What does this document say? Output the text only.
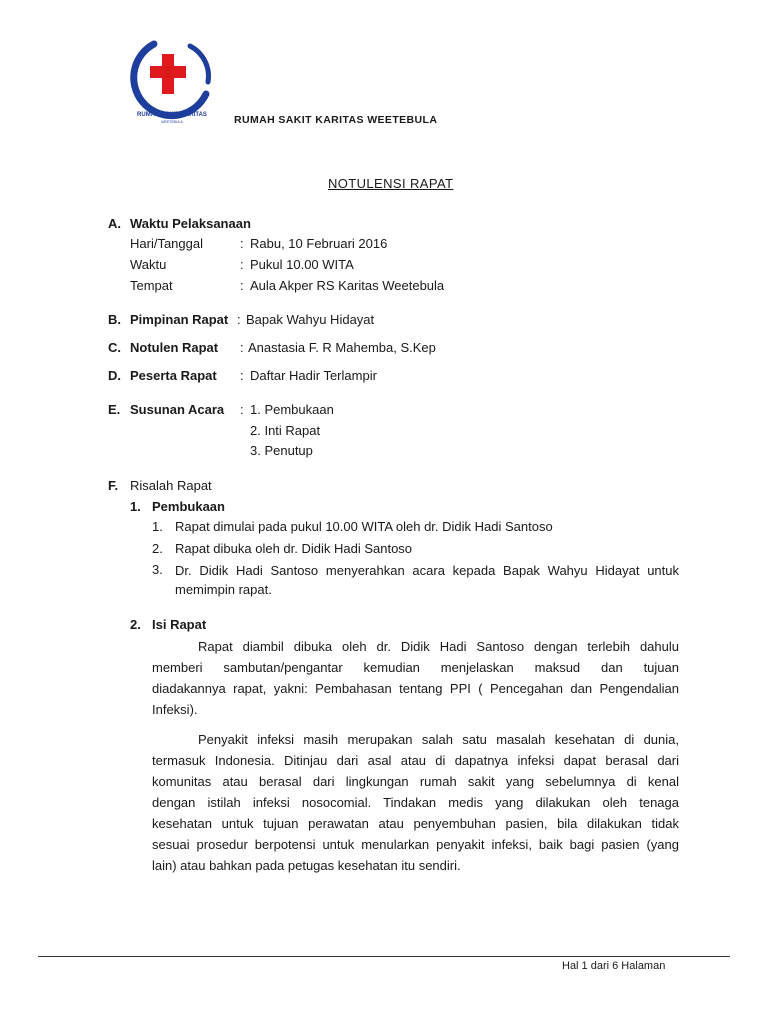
RUMAH SAKIT KARITAS
WEETEBULA	RUMAH SAKIT KARITAS WEETEBULA
NOTULENSI RAPAT
A. Waktu Pelaksanaan
Hari/Tanggal	: Rabu, 10 Februari 2016
Waktu	: Pukul 10.00 WITA
Tempat	: Aula Akper RS Karitas Weetebula
B. Pimpinan Rapat : Bapak Wahyu Hidayat
C. Notulen Rapat : Anastasia F. R Mahemba, S.Kep
D. Peserta Rapat : Daftar Hadir Terlampir
E. Susunan Acara : 1. Pembukaan
2. Inti Rapat
3. Penutup
F. Risalah Rapat
1. Pembukaan
1. Rapat dimulai pada pukul 10.00 WITA oleh dr. Didik Hadi Santoso
2. Rapat dibuka oleh dr. Didik Hadi Santoso
3. Dr. Didik Hadi Santoso menyerahkan acara kepada Bapak Wahyu Hidayat untuk
memimpin rapat.
2. Isi Rapat
Rapat diambil dibuka oleh dr. Didik Hadi Santoso dengan terlebih dahulu
memberi sambutan/pengantar kemudian menjelaskan maksud dan tujuan
diadakannya rapat, yakni: Pembahasan tentang PPI ( Pencegahan dan Pengendalian
Infeksi).
Penyakit infeksi masih merupakan salah satu masalah kesehatan di dunia,
termasuk Indonesia. Ditinjau dari asal atau di dapatnya infeksi dapat berasal dari
komunitas atau berasal dari lingkungan rumah sakit yang sebelumnya di kenal
dengan istilah infeksi nosocomial. Tindakan medis yang dilakukan oleh tenaga
kesehatan untuk tujuan perawatan atau penyembuhan pasien, bila dilakukan tidak
sesuai prosedur berpotensi untuk menularkan penyakit infeksi, baik bagi pasien (yang
lain) atau bahkan pada petugas kesehatan itu sendiri.
Hal 1 dari 6 Halaman
